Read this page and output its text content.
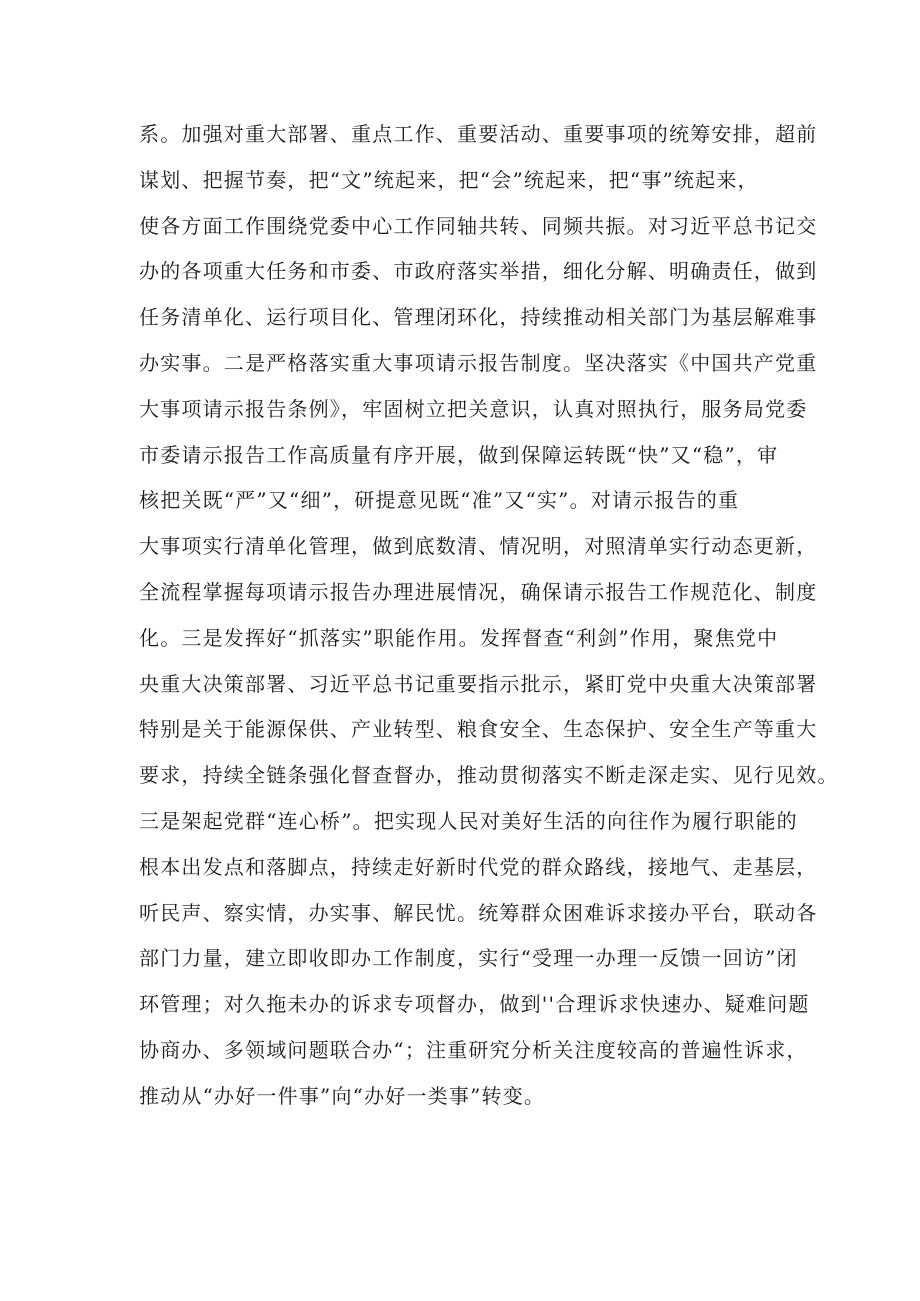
系。加强对重大部署、重点工作、重要活动、重要事项的统筹安排，超前
谋划、把握节奏，把“文”统起来，把“会”统起来，把“事”统起来，
使各方面工作围绕党委中心工作同轴共转、同频共振。对习近平总书记交
办的各项重大任务和市委、市政府落实举措，细化分解、明确责任，做到
任务清单化、运行项目化、管理闭环化，持续推动相关部门为基层解难事
办实事。二是严格落实重大事项请示报告制度。坚决落实《中国共产党重
大事项请示报告条例》，牢固树立把关意识，认真对照执行，服务局党委
市委请示报告工作高质量有序开展，做到保障运转既“快”又“稳”，审
核把关既“严”又“细”，研提意见既“准”又“实”。对请示报告的重
大事项实行清单化管理，做到底数清、情况明，对照清单实行动态更新，
全流程掌握每项请示报告办理进展情况，确保请示报告工作规范化、制度
化。三是发挥好“抓落实”职能作用。发挥督查“利剑”作用，聚焦党中
央重大决策部署、习近平总书记重要指示批示，紧盯党中央重大决策部署
特别是关于能源保供、产业转型、粮食安全、生态保护、安全生产等重大
要求，持续全链条强化督查督办，推动贯彻落实不断走深走实、见行见效。
三是架起党群“连心桥”。把实现人民对美好生活的向往作为履行职能的
根本出发点和落脚点，持续走好新时代党的群众路线，接地气、走基层，
听民声、察实情，办实事、解民忧。统筹群众困难诉求接办平台，联动各
部门力量，建立即收即办工作制度，实行“受理一办理一反馈一回访”闭
环管理；对久拖未办的诉求专项督办，做到''合理诉求快速办、疑难问题
协商办、多领域问题联合办“；注重研究分析关注度较高的普遍性诉求，
推动从“办好一件事”向“办好一类事”转变。
